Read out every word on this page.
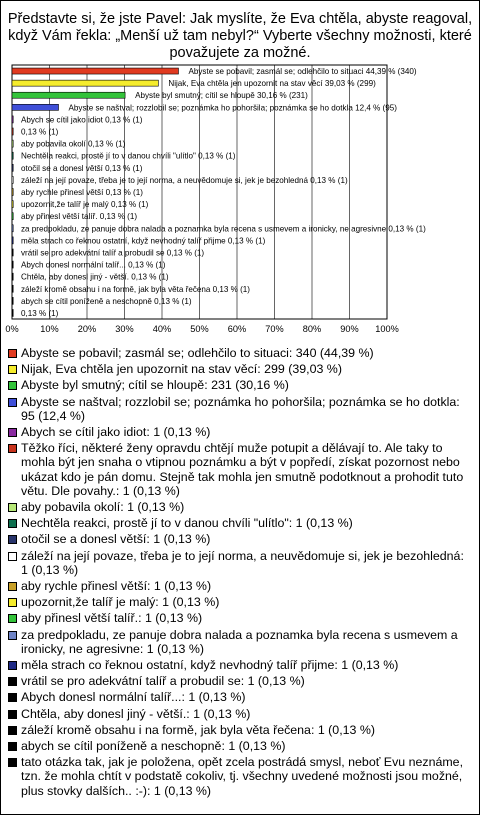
Představte si, že jste Pavel: Jak myslíte, že Eva chtěla, abyste reagoval, když Vám řekla: „Menší už tam nebyl?“ Vyberte všechny možnosti, které považujete za možné.
0% 10% 20% 30% 40% 50% 60% 70% 80% 90% 100%
Abyste se pobavil; zasmál se; odlehčilo to situaci 44,39 % (340)
Nijak, Eva chtěla jen upozornit na stav věcí 39,03 % (299)
Abyste byl smutný; cítil se hloupě 30,16 % (231)
Abyste se naštval; rozzlobil se; poznámka ho pohoršila; poznámka se ho dotkla 12,4 % (95)
Abych se cítil jako idiot 0,13 % (1)
0,13 % (1)
aby pobavila okolí 0,13 % (1)
Nechtěla reakci, prostě jí to v danou chvíli "ulítlo" 0,13 % (1)
otočil se a donesl větší 0,13 % (1)
záleží na její povaze, třeba je to její norma, a neuvědomuje si, jek je bezohledná 0,13 % (1)
aby rychle přinesl větší 0,13 % (1)
upozornit,že talíř je malý 0,13 % (1)
aby přinesl větší talíř. 0,13 % (1)
za predpokladu, ze panuje dobra nalada a poznamka byla recena s usmevem a ironicky, ne agresivne 0,13 % (1)
měla strach co řeknou ostatní, když nevhodný talíř přijme 0,13 % (1)
vrátil se pro adekvátní talíř a probudil se 0,13 % (1)
Abych donesl normální talíř... 0,13 % (1)
Chtěla, aby donesl jiný - větší. 0,13 % (1)
záleží kromě obsahu i na formě, jak byla věta řečena 0,13 % (1)
abych se cítil poníženě a neschopně 0,13 % (1)
0,13 % (1)
Abyste se pobavil; zasmál se; odlehčilo to situaci: 340 (44,39 %)
Nijak, Eva chtěla jen upozornit na stav věcí: 299 (39,03 %)
Abyste byl smutný; cítil se hloupě: 231 (30,16 %)
Abyste se naštval; rozzlobil se; poznámka ho pohoršila; poznámka se ho dotkla: 95 (12,4 %)
Abych se cítil jako idiot: 1 (0,13 %)
Těžko říci, některé ženy opravdu chtějí muže potupit a dělávají to. Ale taky to mohla být jen snaha o vtipnou poznámku a být v popředí, získat pozornost nebo ukázat kdo je pán domu. Stejně tak mohla jen smutně podotknout a prohodit tuto větu. Dle povahy.: 1 (0,13 %)
aby pobavila okolí: 1 (0,13 %)
Nechtěla reakci, prostě jí to v danou chvíli "ulítlo": 1 (0,13 %)
otočil se a donesl větší: 1 (0,13 %)
záleží na její povaze, třeba je to její norma, a neuvědomuje si, jek je bezohledná: 1 (0,13 %)
aby rychle přinesl větší: 1 (0,13 %)
upozornit,že talíř je malý: 1 (0,13 %)
aby přinesl větší talíř.: 1 (0,13 %)
za predpokladu, ze panuje dobra nalada a poznamka byla recena s usmevem a ironicky, ne agresivne: 1 (0,13 %)
měla strach co řeknou ostatní, když nevhodný talíř přijme: 1 (0,13 %)
vrátil se pro adekvátní talíř a probudil se: 1 (0,13 %)
Abych donesl normální talíř...: 1 (0,13 %)
Chtěla, aby donesl jiný - větší.: 1 (0,13 %)
záleží kromě obsahu i na formě, jak byla věta řečena: 1 (0,13 %)
abych se cítil poníženě a neschopně: 1 (0,13 %)
tato otázka tak, jak je položena, opět zcela postrádá smysl, neboť Evu neznáme, tzn. že mohla chtít v podstatě cokoliv, tj. všechny uvedené možnosti jsou možné, plus stovky dalších.. :-): 1 (0,13 %)
